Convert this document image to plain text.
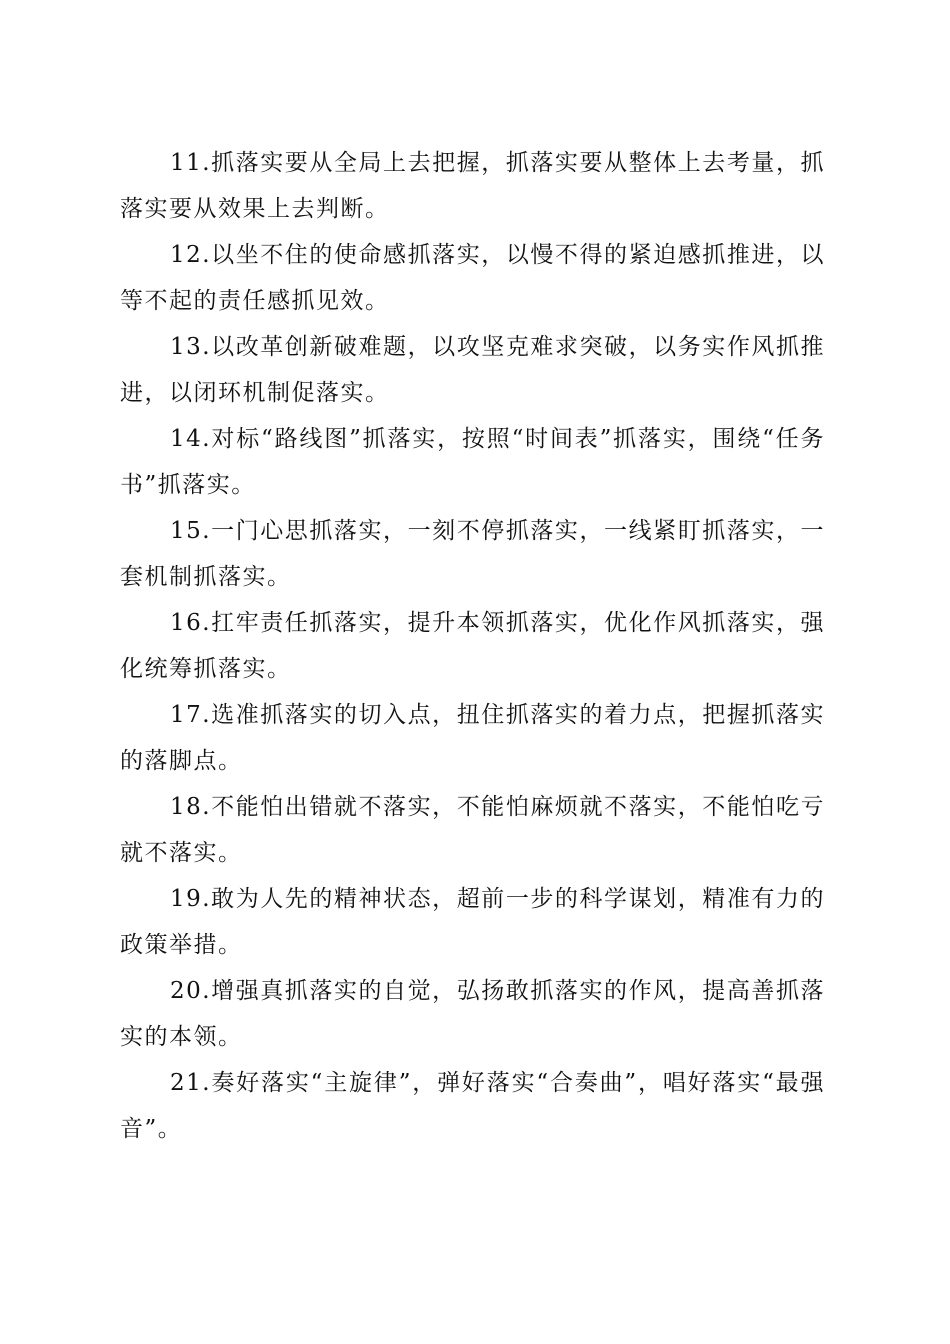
11.抓落实要从全局上去把握，抓落实要从整体上去考量，抓落实要从效果上去判断。

12.以坐不住的使命感抓落实，以慢不得的紧迫感抓推进，以等不起的责任感抓见效。

13.以改革创新破难题，以攻坚克难求突破，以务实作风抓推进，以闭环机制促落实。

14.对标“路线图”抓落实，按照“时间表”抓落实，围绕“任务书”抓落实。

15.一门心思抓落实，一刻不停抓落实，一线紧盯抓落实，一套机制抓落实。

16.扛牢责任抓落实，提升本领抓落实，优化作风抓落实，强化统筹抓落实。

17.选准抓落实的切入点，扭住抓落实的着力点，把握抓落实的落脚点。

18.不能怕出错就不落实，不能怕麻烦就不落实，不能怕吃亏就不落实。

19.敢为人先的精神状态，超前一步的科学谋划，精准有力的政策举措。

20.增强真抓落实的自觉，弘扬敢抓落实的作风，提高善抓落实的本领。

21.奏好落实“主旋律”，弹好落实“合奏曲”，唱好落实“最强音”。
